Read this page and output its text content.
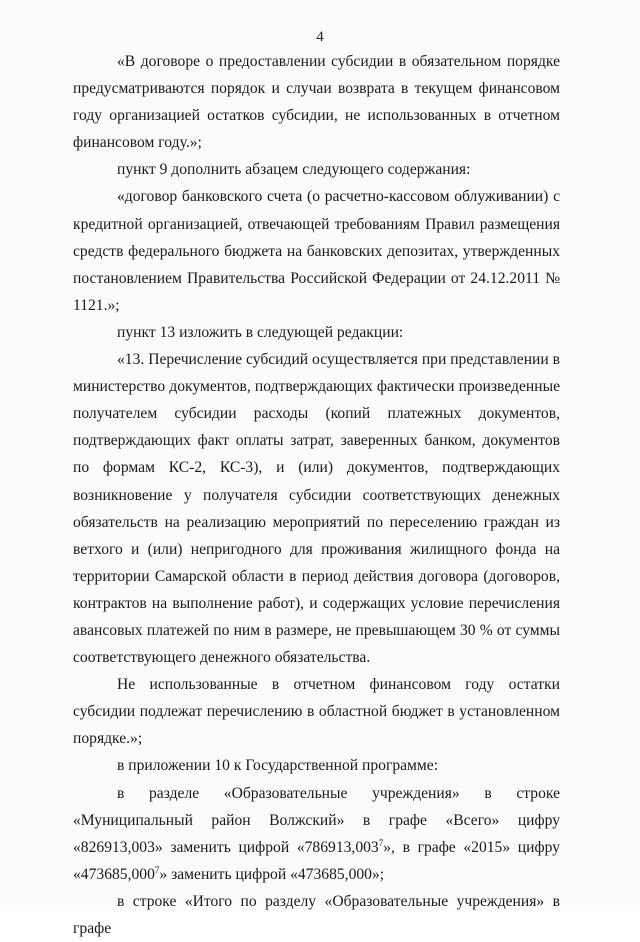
4

«В договоре о предоставлении субсидии в обязательном порядке предусматриваются порядок и случаи возврата в текущем финансовом году организацией остатков субсидии, не использованных в отчетном финансовом году.»;

пункт 9 дополнить абзацем следующего содержания:

«договор банковского счета (о расчетно-кассовом облуживании) с кредитной организацией, отвечающей требованиям Правил размещения средств федерального бюджета на банковских депозитах, утвержденных постановлением Правительства Российской Федерации от 24.12.2011 № 1121.»;

пункт 13 изложить в следующей редакции:

«13. Перечисление субсидий осуществляется при представлении в министерство документов, подтверждающих фактически произведенные получателем субсидии расходы (копий платежных документов, подтверждающих факт оплаты затрат, заверенных банком, документов по формам КС-2, КС-3), и (или) документов, подтверждающих возникновение у получателя субсидии соответствующих денежных обязательств на реализацию мероприятий по переселению граждан из ветхого и (или) непригодного для проживания жилищного фонда на территории Самарской области в период действия договора (договоров, контрактов на выполнение работ), и содержащих условие перечисления авансовых платежей по ним в размере, не превышающем 30 % от суммы соответствующего денежного обязательства.

Не использованные в отчетном финансовом году остатки субсидии подлежат перечислению в областной бюджет в установленном порядке.»;

в приложении 10 к Государственной программе:

в разделе «Образовательные учреждения» в строке «Муниципальный район Волжский» в графе «Всего» цифру «826913,003» заменить цифрой «786913,003$^7$», в графе «2015» цифру «473685,000$^7$» заменить цифрой «473685,000»;

в строке «Итого по разделу «Образовательные учреждения» в графе
